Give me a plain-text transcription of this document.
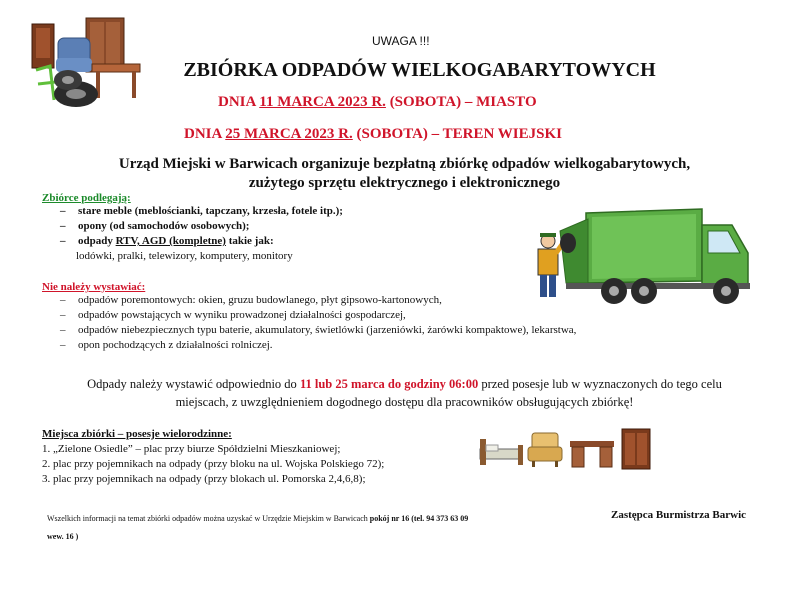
UWAGA !!!
ZBIÓRKA ODPADÓW WIELKOGABARYTOWYCH
DNIA 11 MARCA 2023 R. (SOBOTA) – MIASTO
DNIA 25 MARCA 2023 R. (SOBOTA) – TEREN WIEJSKI
Urząd Miejski w Barwicach organizuje bezpłatną zbiórkę odpadów wielkogabarytowych,
zużytego sprzętu elektrycznego i elektronicznego
Zbiórce podlegają:
– stare meble (meblościanki, tapczany, krzesła, fotele itp.);
– opony (od samochodów osobowych);
– odpady RTV, AGD (kompletne) takie jak:
lodówki, pralki, telewizory, komputery, monitory
Nie należy wystawiać:
– odpadów poremontowych: okien, gruzu budowlanego, płyt gipsowo-kartonowych,
– odpadów powstających w wyniku prowadzonej działalności gospodarczej,
– odpadów niebezpiecznych typu baterie, akumulatory, świetlówki (jarzeniówki, żarówki kompaktowe), lekarstwa,
– opon pochodzących z działalności rolniczej.
Odpady należy wystawić odpowiednio do 11 lub 25 marca do godziny 06:00 przed posesje lub w wyznaczonych do tego celu
miejscach, z uwzględnieniem dogodnego dostępu dla pracowników obsługujących zbiórkę!
Miejsca zbiórki – posesje wielorodzinne:
1. „Zielone Osiedle” – plac przy biurze Spółdzielni Mieszkaniowej;
2. plac przy pojemnikach na odpady (przy bloku na ul. Wojska Polskiego 72);
3. plac przy pojemnikach na odpady (przy blokach ul. Pomorska 2,4,6,8);
Wszelkich informacji na temat zbiórki odpadów można uzyskać w Urzędzie Miejskim w Barwicach pokój nr 16 (tel. 94 373 63 09
wew. 16 )
Zastępca Burmistrza Barwic
